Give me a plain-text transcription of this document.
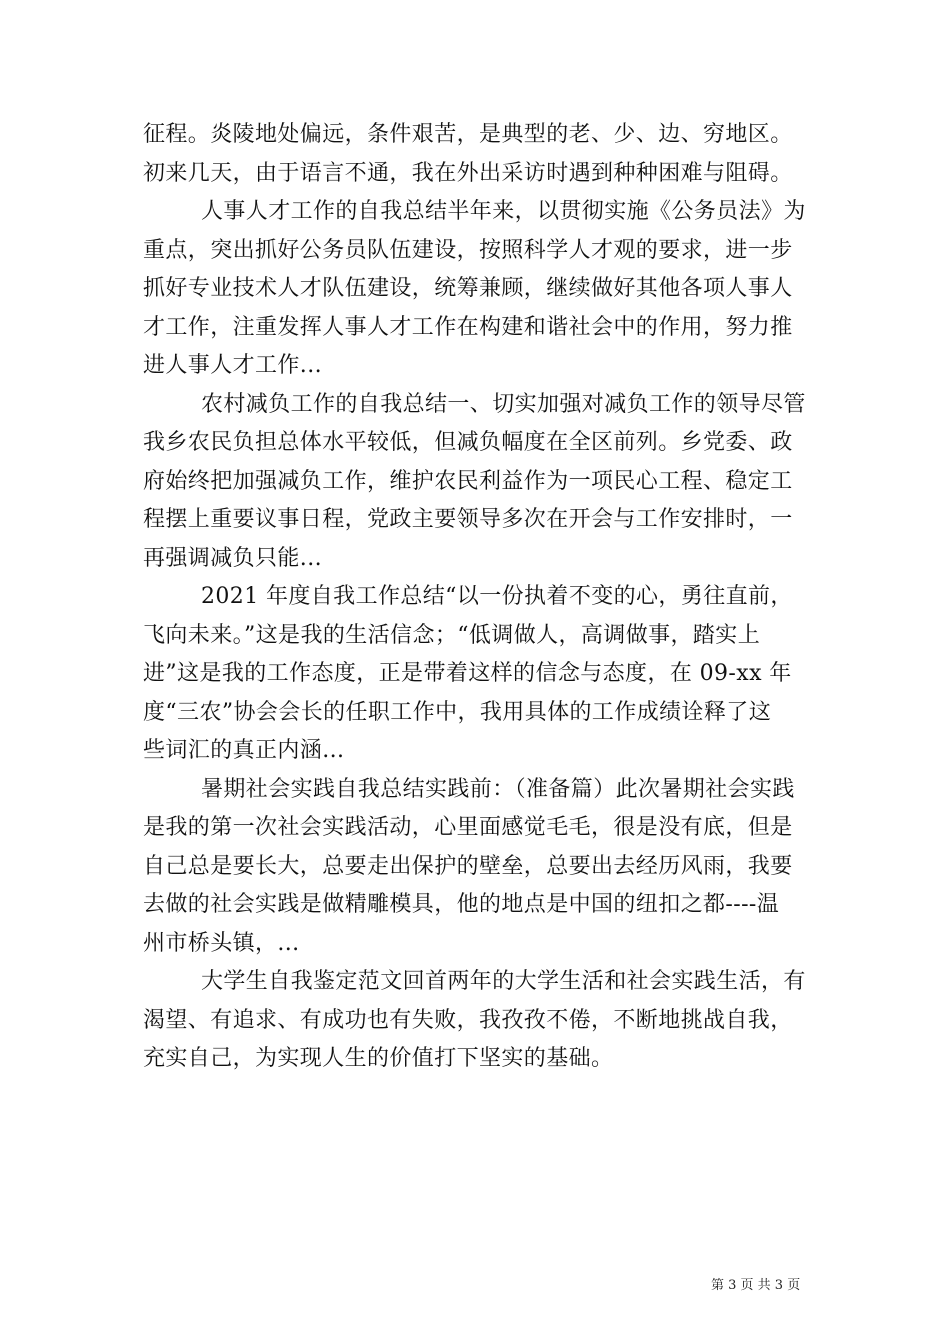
征程。炎陵地处偏远，条件艰苦，是典型的老、少、边、穷地区。
初来几天，由于语言不通，我在外出采访时遇到种种困难与阻碍。
人事人才工作的自我总结半年来，以贯彻实施《公务员法》为
重点，突出抓好公务员队伍建设，按照科学人才观的要求，进一步
抓好专业技术人才队伍建设，统筹兼顾，继续做好其他各项人事人
才工作，注重发挥人事人才工作在构建和谐社会中的作用，努力推
进人事人才工作...
农村减负工作的自我总结一、切实加强对减负工作的领导尽管
我乡农民负担总体水平较低，但减负幅度在全区前列。乡党委、政
府始终把加强减负工作，维护农民利益作为一项民心工程、稳定工
程摆上重要议事日程，党政主要领导多次在开会与工作安排时，一
再强调减负只能...
2021 年度自我工作总结“以一份执着不变的心，勇往直前，
飞向未来。”这是我的生活信念；“低调做人，高调做事，踏实上
进”这是我的工作态度，正是带着这样的信念与态度，在 09-xx 年
度“三农”协会会长的任职工作中，我用具体的工作成绩诠释了这
些词汇的真正内涵...
暑期社会实践自我总结实践前：（准备篇）此次暑期社会实践
是我的第一次社会实践活动，心里面感觉毛毛，很是没有底，但是
自己总是要长大，总要走出保护的壁垒，总要出去经历风雨，我要
去做的社会实践是做精雕模具，他的地点是中国的纽扣之都----温
州市桥头镇，...
大学生自我鉴定范文回首两年的大学生活和社会实践生活，有
渴望、有追求、有成功也有失败，我孜孜不倦，不断地挑战自我，
充实自己，为实现人生的价值打下坚实的基础。
第 3 页 共 3 页
